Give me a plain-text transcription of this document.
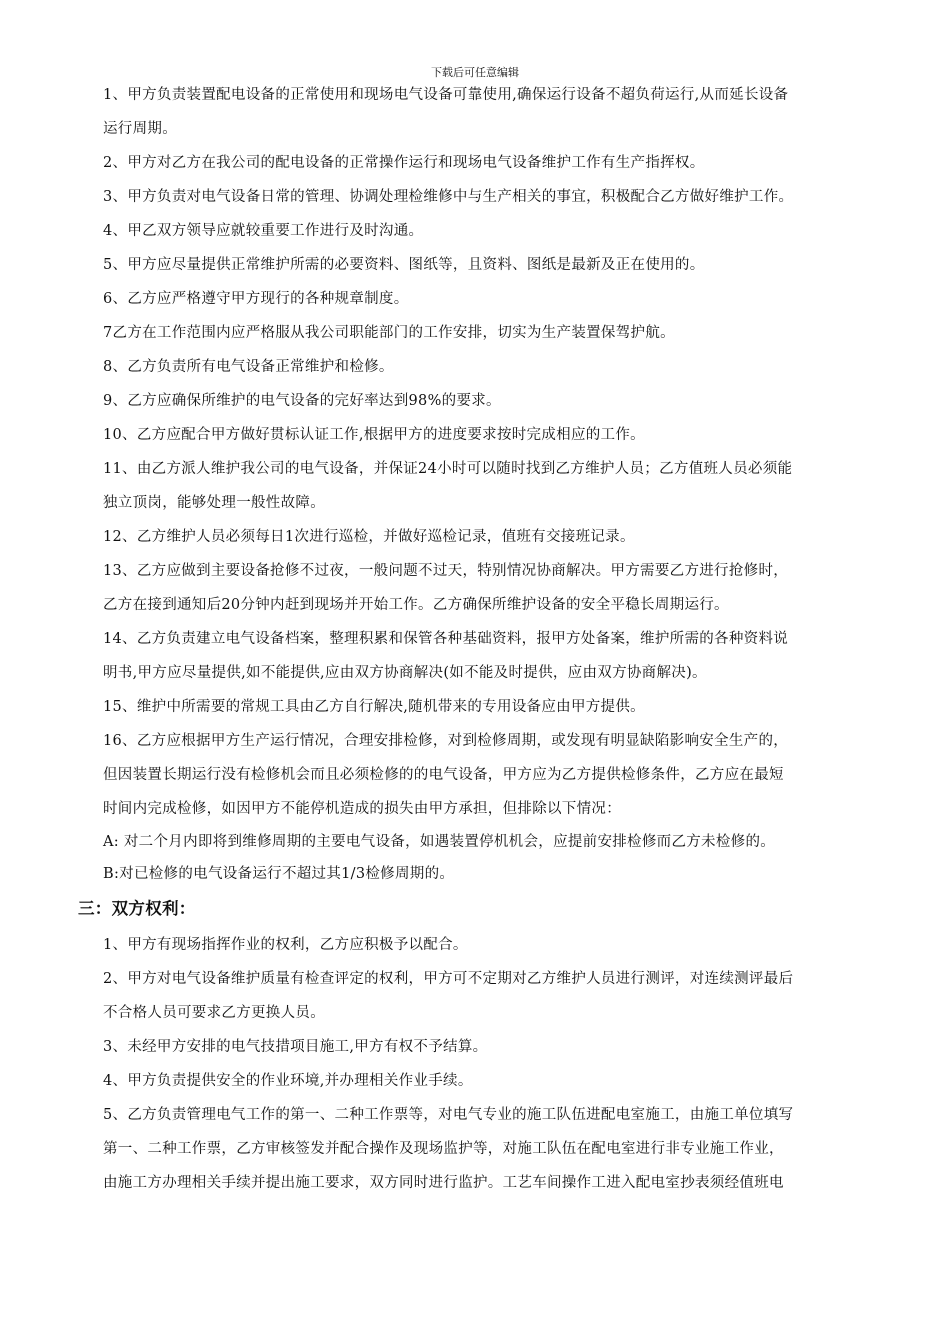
下载后可任意编辑

1、甲方负责装置配电设备的正常使用和现场电气设备可靠使用,确保运行设备不超负荷运行,从而延长设备

运行周期。

2、甲方对乙方在我公司的配电设备的正常操作运行和现场电气设备维护工作有生产指挥权。

3、甲方负责对电气设备日常的管理、协调处理检维修中与生产相关的事宜，积极配合乙方做好维护工作。

4、甲乙双方领导应就较重要工作进行及时沟通。

5、甲方应尽量提供正常维护所需的必要资料、图纸等，且资料、图纸是最新及正在使用的。

6、乙方应严格遵守甲方现行的各种规章制度。

7乙方在工作范围内应严格服从我公司职能部门的工作安排，切实为生产装置保驾护航。

8、乙方负责所有电气设备正常维护和检修。

9、乙方应确保所维护的电气设备的完好率达到98%的要求。

10、乙方应配合甲方做好贯标认证工作,根据甲方的进度要求按时完成相应的工作。

11、由乙方派人维护我公司的电气设备，并保证24小时可以随时找到乙方维护人员；乙方值班人员必须能

独立顶岗，能够处理一般性故障。

12、乙方维护人员必须每日1次进行巡检，并做好巡检记录，值班有交接班记录。

13、乙方应做到主要设备抢修不过夜，一般问题不过天，特别情况协商解决。甲方需要乙方进行抢修时，

乙方在接到通知后20分钟内赶到现场并开始工作。乙方确保所维护设备的安全平稳长周期运行。

14、乙方负责建立电气设备档案，整理积累和保管各种基础资料，报甲方处备案，维护所需的各种资料说

明书,甲方应尽量提供,如不能提供,应由双方协商解决(如不能及时提供，应由双方协商解决)。

15、维护中所需要的常规工具由乙方自行解决,随机带来的专用设备应由甲方提供。

16、乙方应根据甲方生产运行情况，合理安排检修，对到检修周期，或发现有明显缺陷影响安全生产的，

但因装置长期运行没有检修机会而且必须检修的的电气设备，甲方应为乙方提供检修条件，乙方应在最短

时间内完成检修，如因甲方不能停机造成的损失由甲方承担，但排除以下情况：

A: 对二个月内即将到维修周期的主要电气设备，如遇装置停机机会，应提前安排检修而乙方未检修的。

B:对已检修的电气设备运行不超过其1/3检修周期的。

三：双方权利：

1、甲方有现场指挥作业的权利，乙方应积极予以配合。

2、甲方对电气设备维护质量有检查评定的权利，甲方可不定期对乙方维护人员进行测评，对连续测评最后

不合格人员可要求乙方更换人员。

3、未经甲方安排的电气技措项目施工,甲方有权不予结算。

4、甲方负责提供安全的作业环境,并办理相关作业手续。

5、乙方负责管理电气工作的第一、二种工作票等，对电气专业的施工队伍进配电室施工，由施工单位填写

第一、二种工作票，乙方审核签发并配合操作及现场监护等，对施工队伍在配电室进行非专业施工作业，

由施工方办理相关手续并提出施工要求，双方同时进行监护。工艺车间操作工进入配电室抄表须经值班电
